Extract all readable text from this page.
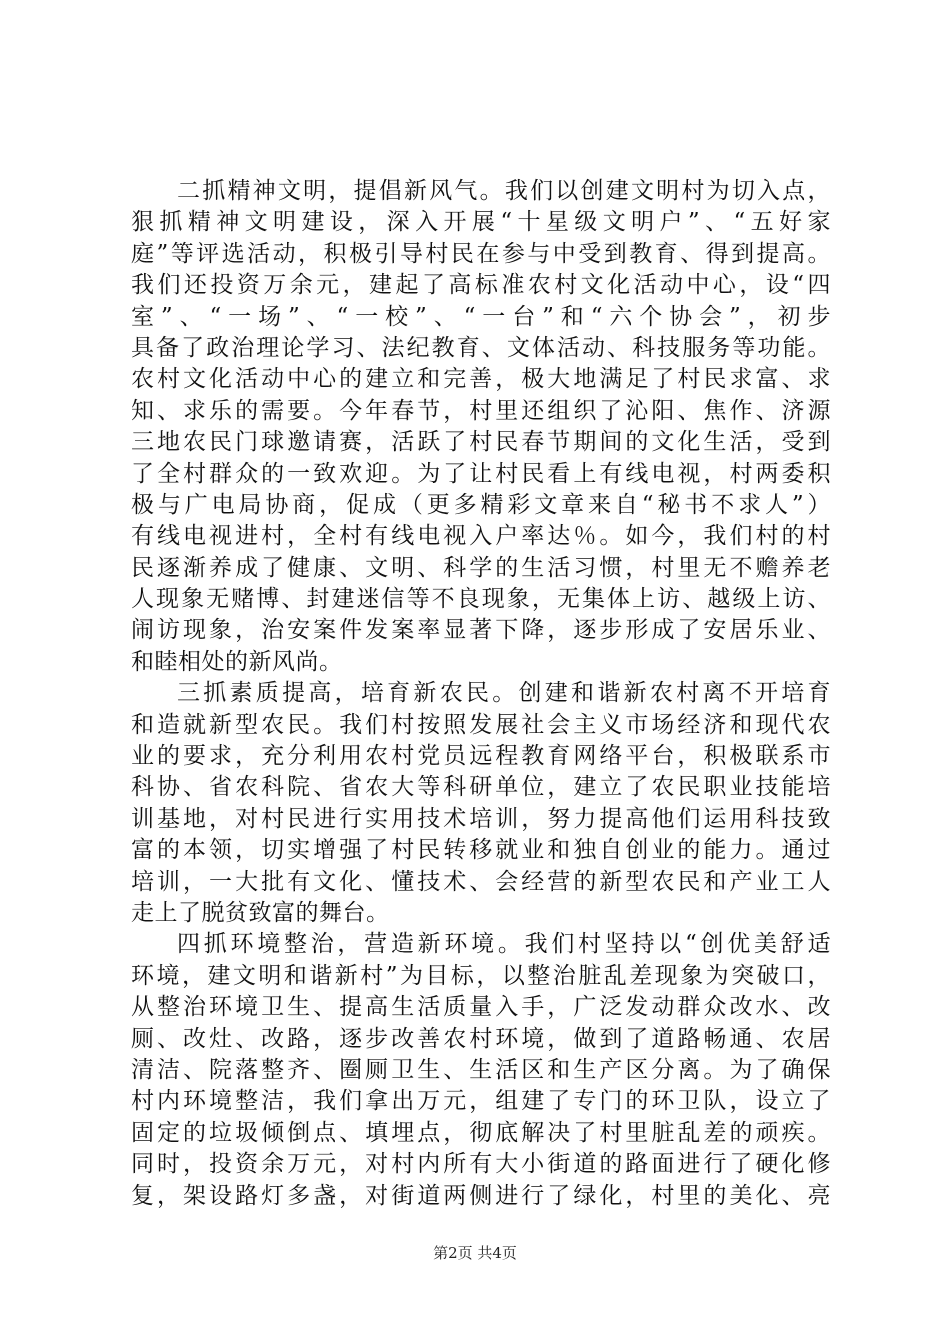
二抓精神文明，提倡新风气。我们以创建文明村为切入点，
狠抓精神文明建设，深入开展“十星级文明户”、“五好家
庭”等评选活动，积极引导村民在参与中受到教育、得到提高。
我们还投资万余元，建起了高标准农村文化活动中心，设“四
室”、“一场”、“一校”、“一台”和“六个协会”，初步
具备了政治理论学习、法纪教育、文体活动、科技服务等功能。
农村文化活动中心的建立和完善，极大地满足了村民求富、求
知、求乐的需要。今年春节，村里还组织了沁阳、焦作、济源
三地农民门球邀请赛，活跃了村民春节期间的文化生活，受到
了全村群众的一致欢迎。为了让村民看上有线电视，村两委积
极与广电局协商，促成（更多精彩文章来自“秘书不求人”）
有线电视进村，全村有线电视入户率达％。如今，我们村的村
民逐渐养成了健康、文明、科学的生活习惯，村里无不赡养老
人现象无赌博、封建迷信等不良现象，无集体上访、越级上访、
闹访现象，治安案件发案率显著下降，逐步形成了安居乐业、
和睦相处的新风尚。
三抓素质提高，培育新农民。创建和谐新农村离不开培育
和造就新型农民。我们村按照发展社会主义市场经济和现代农
业的要求，充分利用农村党员远程教育网络平台，积极联系市
科协、省农科院、省农大等科研单位，建立了农民职业技能培
训基地，对村民进行实用技术培训，努力提高他们运用科技致
富的本领，切实增强了村民转移就业和独自创业的能力。通过
培训，一大批有文化、懂技术、会经营的新型农民和产业工人
走上了脱贫致富的舞台。
四抓环境整治，营造新环境。我们村坚持以“创优美舒适
环境，建文明和谐新村”为目标，以整治脏乱差现象为突破口，
从整治环境卫生、提高生活质量入手，广泛发动群众改水、改
厕、改灶、改路，逐步改善农村环境，做到了道路畅通、农居
清洁、院落整齐、圈厕卫生、生活区和生产区分离。为了确保
村内环境整洁，我们拿出万元，组建了专门的环卫队，设立了
固定的垃圾倾倒点、填埋点，彻底解决了村里脏乱差的顽疾。
同时，投资余万元，对村内所有大小街道的路面进行了硬化修
复，架设路灯多盏，对街道两侧进行了绿化，村里的美化、亮
第2页 共4页
